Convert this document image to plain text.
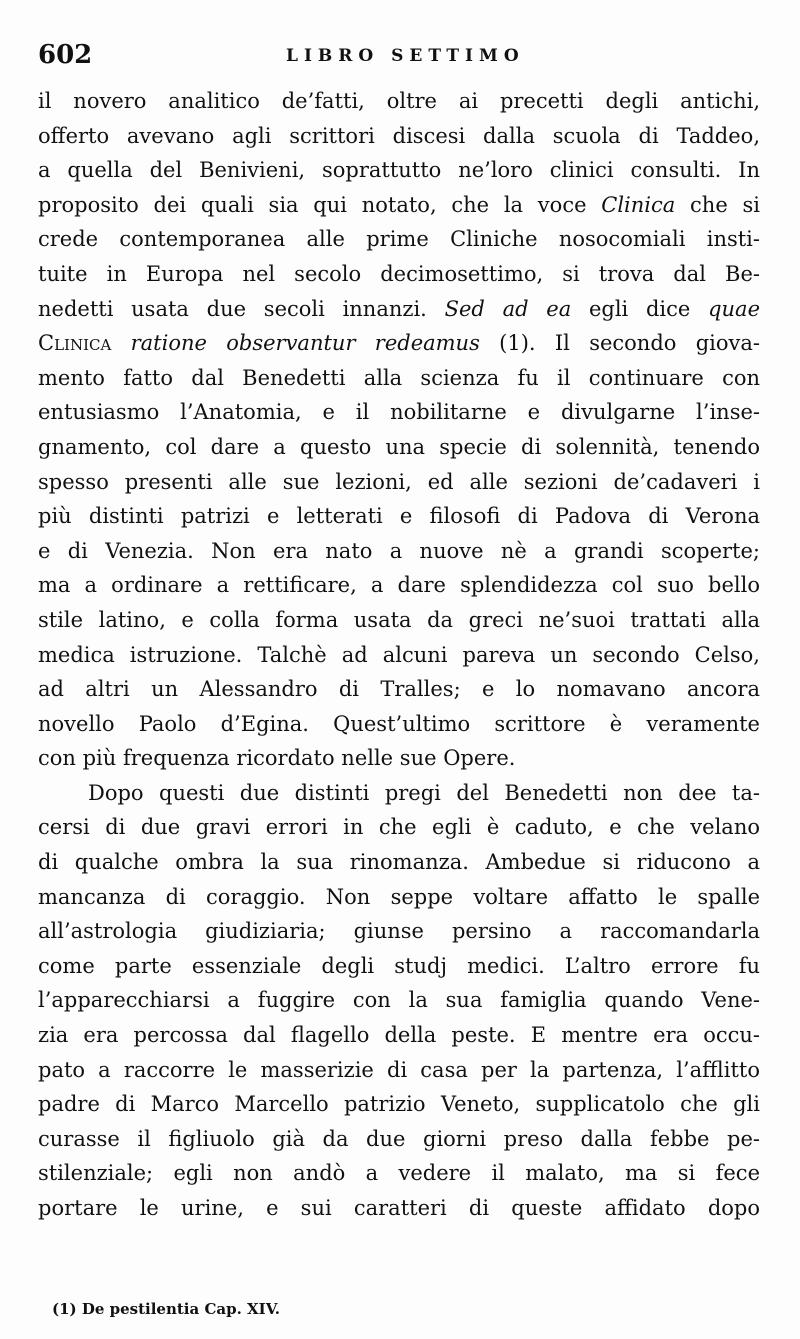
602	LIBRO SETTIMO
il novero analitico de’fatti, oltre ai precetti degli antichi,
offerto avevano agli scrittori discesi dalla scuola di Taddeo,
a quella del Benivieni, soprattutto ne’loro clinici consulti. In
proposito dei quali sia qui notato, che la voce Clinica che si
crede contemporanea alle prime Cliniche nosocomiali insti-
tuite in Europa nel secolo decimosettimo, si trova dal Be-
nedetti usata due secoli innanzi. Sed ad ea egli dice quae
Clinica ratione observantur redeamus (1). Il secondo giova-
mento fatto dal Benedetti alla scienza fu il continuare con
entusiasmo l’Anatomia, e il nobilitarne e divulgarne l’inse-
gnamento, col dare a questo una specie di solennità, tenendo
spesso presenti alle sue lezioni, ed alle sezioni de’cadaveri i
più distinti patrizi e letterati e filosofi di Padova di Verona
e di Venezia. Non era nato a nuove nè a grandi scoperte;
ma a ordinare a rettificare, a dare splendidezza col suo bello
stile latino, e colla forma usata da greci ne’suoi trattati alla
medica istruzione. Talchè ad alcuni pareva un secondo Celso,
ad altri un Alessandro di Tralles; e lo nomavano ancora
novello Paolo d’Egina. Quest’ultimo scrittore è veramente
con più frequenza ricordato nelle sue Opere.
Dopo questi due distinti pregi del Benedetti non dee ta-
cersi di due gravi errori in che egli è caduto, e che velano
di qualche ombra la sua rinomanza. Ambedue si riducono a
mancanza di coraggio. Non seppe voltare affatto le spalle
all’astrologia giudiziaria; giunse persino a raccomandarla
come parte essenziale degli studj medici. L’altro errore fu
l’apparecchiarsi a fuggire con la sua famiglia quando Vene-
zia era percossa dal flagello della peste. E mentre era occu-
pato a raccorre le masserizie di casa per la partenza, l’afflitto
padre di Marco Marcello patrizio Veneto, supplicatolo che gli
curasse il figliuolo già da due giorni preso dalla febbe pe-
stilenziale; egli non andò a vedere il malato, ma si fece
portare le urine, e sui caratteri di queste affidato dopo
(1) De pestilentia Cap. XIV.
